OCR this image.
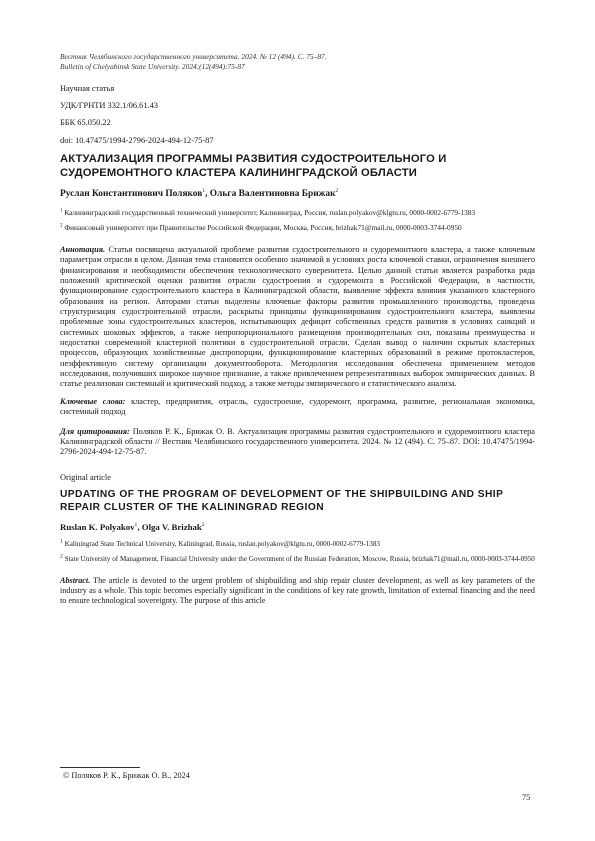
Вестник Челябинского государственного университета. 2024. № 12 (494). С. 75–87.
Bulletin of Chelyabinsk State University. 2024;(12(494):75-87
Научная статья
УДК/ГРНТИ 332.1/06.61.43
ББК 65.050.22
doi: 10.47475/1994-2796-2024-494-12-75-87
АКТУАЛИЗАЦИЯ ПРОГРАММЫ РАЗВИТИЯ СУДОСТРОИТЕЛЬНОГО И СУДОРЕМОНТНОГО КЛАСТЕРА КАЛИНИНГРАДСКОЙ ОБЛАСТИ
Руслан Константинович Поляков$^1$, Ольга Валентиновна Брижак$^2$
$^1$ Калининградский государственный технический университет, Калининград, Россия, ruslan.polyakov@klgtu.ru, 0000-0002-6779-1383
$^2$ Финансовый университет при Правительстве Российской Федерации, Москва, Россия, brizhak71@mail.ru, 0000-0003-3744-0950
Аннотация. Статья посвящена актуальной проблеме развития судостроительного и судоремонтного кластера, а также ключевым параметрам отрасли в целом. Данная тема становится особенно значимой в условиях роста ключевой ставки, ограничения внешнего финансирования и необходимости обеспечения технологического суверенитета. Целью данной статьи является разработка ряда положений критической оценки развития отрасли судостроения и судоремонта в Российской Федерации, в частности, функционирование судостроительного кластера в Калининградской области, выявление эффекта влияния указанного кластерного образования на регион. Авторами статьи выделены ключевые факторы развития промышленного производства, проведена структуризация судостроительной отрасли, раскрыты принципы функционирования судостроительного кластера, выявлены проблемные зоны судостроительных кластеров, испытывающих дефицит собственных средств развития в условиях санкций и системных шоковых эффектов, а также непропорционального размещения производительных сил, показаны преимущества и недостатки современной кластерной политики в судостроительной отрасли. Сделан вывод о наличии скрытых кластерных процессов, образующих хозяйственные диспропорции, функционирование кластерных образований в режиме протокластеров, неэффективную систему организации документооборота. Методология исследования обеспечена применением методов исследования, получивших широкое научное признание, а также привлечением репрезентативных выборок эмпирических данных. В статье реализован системный и критический подход, а также методы эмпирического и статистического анализа.
Ключевые слова: кластер, предприятия, отрасль, судостроение, судоремонт, программа, развитие, региональная экономика, системный подход
Для цитирования: Поляков Р. К., Брижак О. В. Актуализация программы развития судостроительного и судоремонтного кластера Калининградской области // Вестник Челябинского государственного университета. 2024. № 12 (494). С. 75–87. DOI: 10.47475/1994-2796-2024-494-12-75-87.
Original article
UPDATING OF THE PROGRAM OF DEVELOPMENT OF THE SHIPBUILDING AND SHIP REPAIR CLUSTER OF THE KALININGRAD REGION
Ruslan K. Polyakov$^1$, Olga V. Brizhak$^2$
$^1$ Kaliningrad State Technical University, Kaliningrad, Russia, ruslan.polyakov@klgtu.ru, 0000-0002-6779-1383
$^2$ State University of Management, Financial University under the Government of the Russian Federation, Moscow, Russia, brizhak71@mail.ru, 0000-0003-3744-0950
Abstract. The article is devoted to the urgent problem of shipbuilding and ship repair cluster development, as well as key parameters of the industry as a whole. This topic becomes especially significant in the conditions of key rate growth, limitation of external financing and the need to ensure technological sovereignty. The purpose of this article
© Поляков Р. К., Брижак О. В., 2024
75
